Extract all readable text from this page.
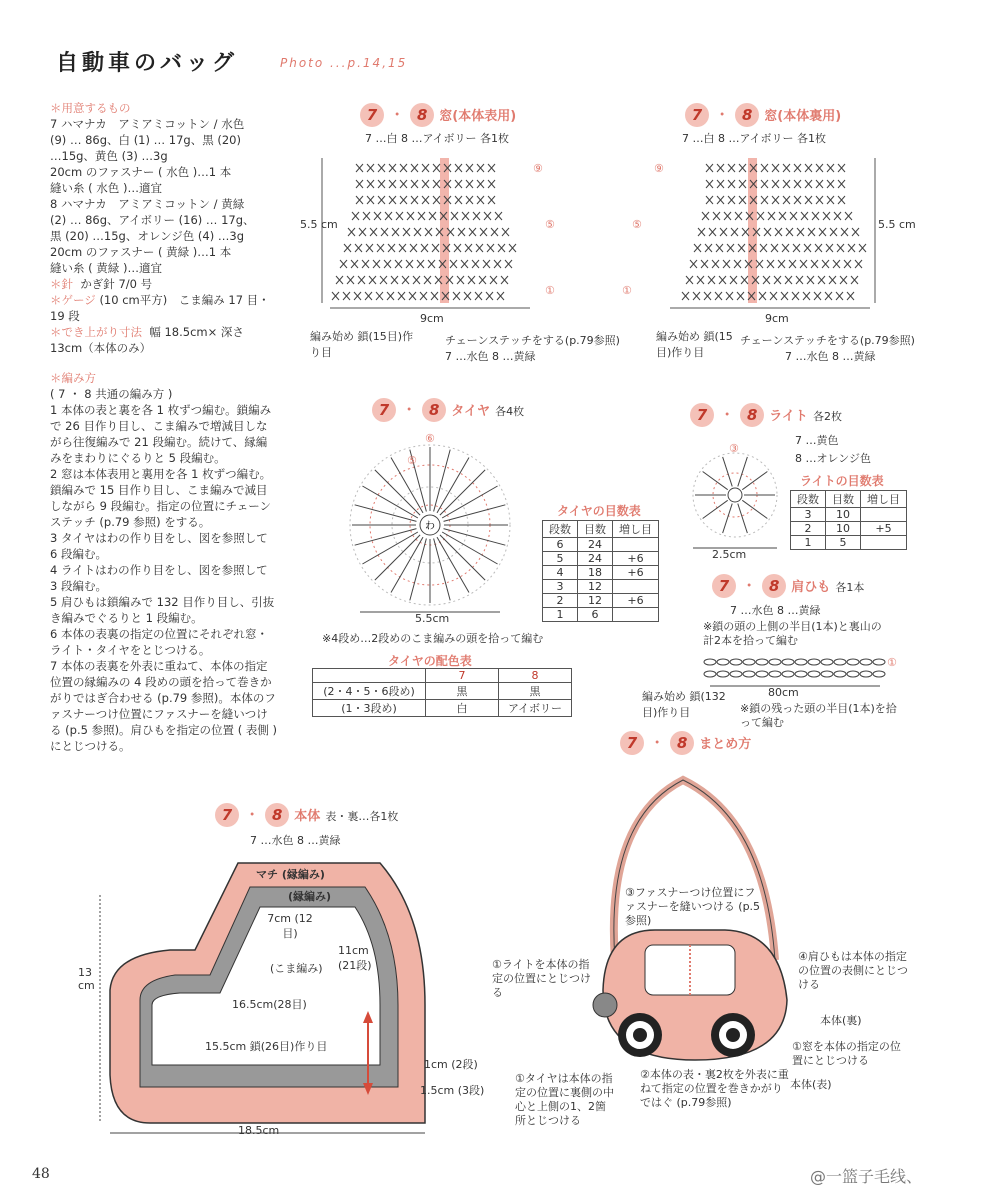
自動車のバッグ	Photo ...p.14,15

＊用意するもの

7 ハマナカ　アミアミコットン / 水色

(9) … 86g、白 (1) … 17g、黒 (20)

…15g、黄色 (3) …3g

20cm のファスナー ( 水色 )…1 本

縫い糸 ( 水色 )…適宜

8 ハマナカ　アミアミコットン / 黄緑

(2) … 86g、アイボリー (16) … 17g、

黒 (20) …15g、オレンジ色 (4) …3g

20cm のファスナー ( 黄緑 )…1 本

縫い糸 ( 黄緑 )…適宜

＊針 かぎ針 7/0 号

＊ゲージ (10 cm平方)　こま編み 17 目・19 段

＊でき上がり寸法 幅 18.5cm× 深さ 13cm（本体のみ）

＊編み方

( 7 ・ 8 共通の編み方 )

1 本体の表と裏を各 1 枚ずつ編む。鎖編みで 26 目作り目し、こま編みで増減目しながら往復編みで 21 段編む。続けて、縁編みをまわりにぐるりと 5 段編む。

2 窓は本体表用と裏用を各 1 枚ずつ編む。鎖編みで 15 目作り目し、こま編みで減目しながら 9 段編む。指定の位置にチェーンステッチ (p.79 参照) をする。

3 タイヤはわの作り目をし、図を参照して 6 段編む。

4 ライトはわの作り目をし、図を参照して 3 段編む。

5 肩ひもは鎖編みで 132 目作り目し、引抜き編みでぐるりと 1 段編む。

6 本体の表裏の指定の位置にそれぞれ窓・ライト・タイヤをとじつける。

7 本体の表裏を外表に重ねて、本体の指定位置の縁編みの 4 段めの頭を拾って巻きかがりではぎ合わせる (p.79 参照)。本体のファスナーつけ位置にファスナーを縫いつける (p.5 参照)。肩ひもを指定の位置 ( 表側 ) にとじつける。

7 ・ 8 窓(本体表用)
7 …白 8 …アイボリー 各1枚
⑨
⑤
①
5.5 cm
9cm
編み始め 鎖(15目)作り目
チェーンステッチをする(p.79参照)
7 …水色 8 …黄緑
7 ・ 8 窓(本体裏用)
7 …白 8 …アイボリー 各1枚
⑨
⑤
①
5.5 cm
9cm
編み始め 鎖(15目)作り目
チェーンステッチをする(p.79参照)
7 …水色 8 …黄緑
7 ・ 8 タイヤ 各4枚
わ
⑥
⑤
5.5cm
※4段め…2段めのこま編みの頭を拾って編む
タイヤの目数表
段数	目数	増し目
6	24	
5	24	+6
4	18	+6
3	12	
2	12	+6
1	6	
タイヤの配色表
	7	8
(2・4・5・6段め)	黒	黒
(1・3段め)	白	アイボリー
7 ・ 8 ライト 各2枚
7 …黄色
8 …オレンジ色
③
2.5cm
ライトの目数表
段数	目数	増し目
3	10	
2	10	+5
1	5	
7 ・ 8 肩ひも 各1本
7 …水色 8 …黄緑
※鎖の頭の上側の半目(1本)と裏山の計2本を拾って編む
①
80cm
編み始め 鎖(132目)作り目	※鎖の残った頭の半目(1本)を拾って編む
7 ・ 8 本体 表・裏…各1枚
7 …水色 8 …黄緑
マチ (縁編み)
(縁編み)
(こま編み)
7cm (12目)
11cm (21段)
16.5cm(28目)
15.5cm 鎖(26目)作り目
13 cm
1cm (2段)
1.5cm (3段)
18.5cm
7 ・ 8 まとめ方
③ファスナーつけ位置にファスナーを縫いつける (p.5参照)
①ライトを本体の指定の位置にとじつける
④肩ひもは本体の指定の位置の表側にとじつける
本体(裏)
①窓を本体の指定の位置にとじつける
本体(表)
①タイヤは本体の指定の位置に裏側の中心と上側の1、2箇所とじつける
②本体の表・裏2枚を外表に重ねて指定の位置を巻きかがりではぐ (p.79参照)
48	@一篮子毛线、
